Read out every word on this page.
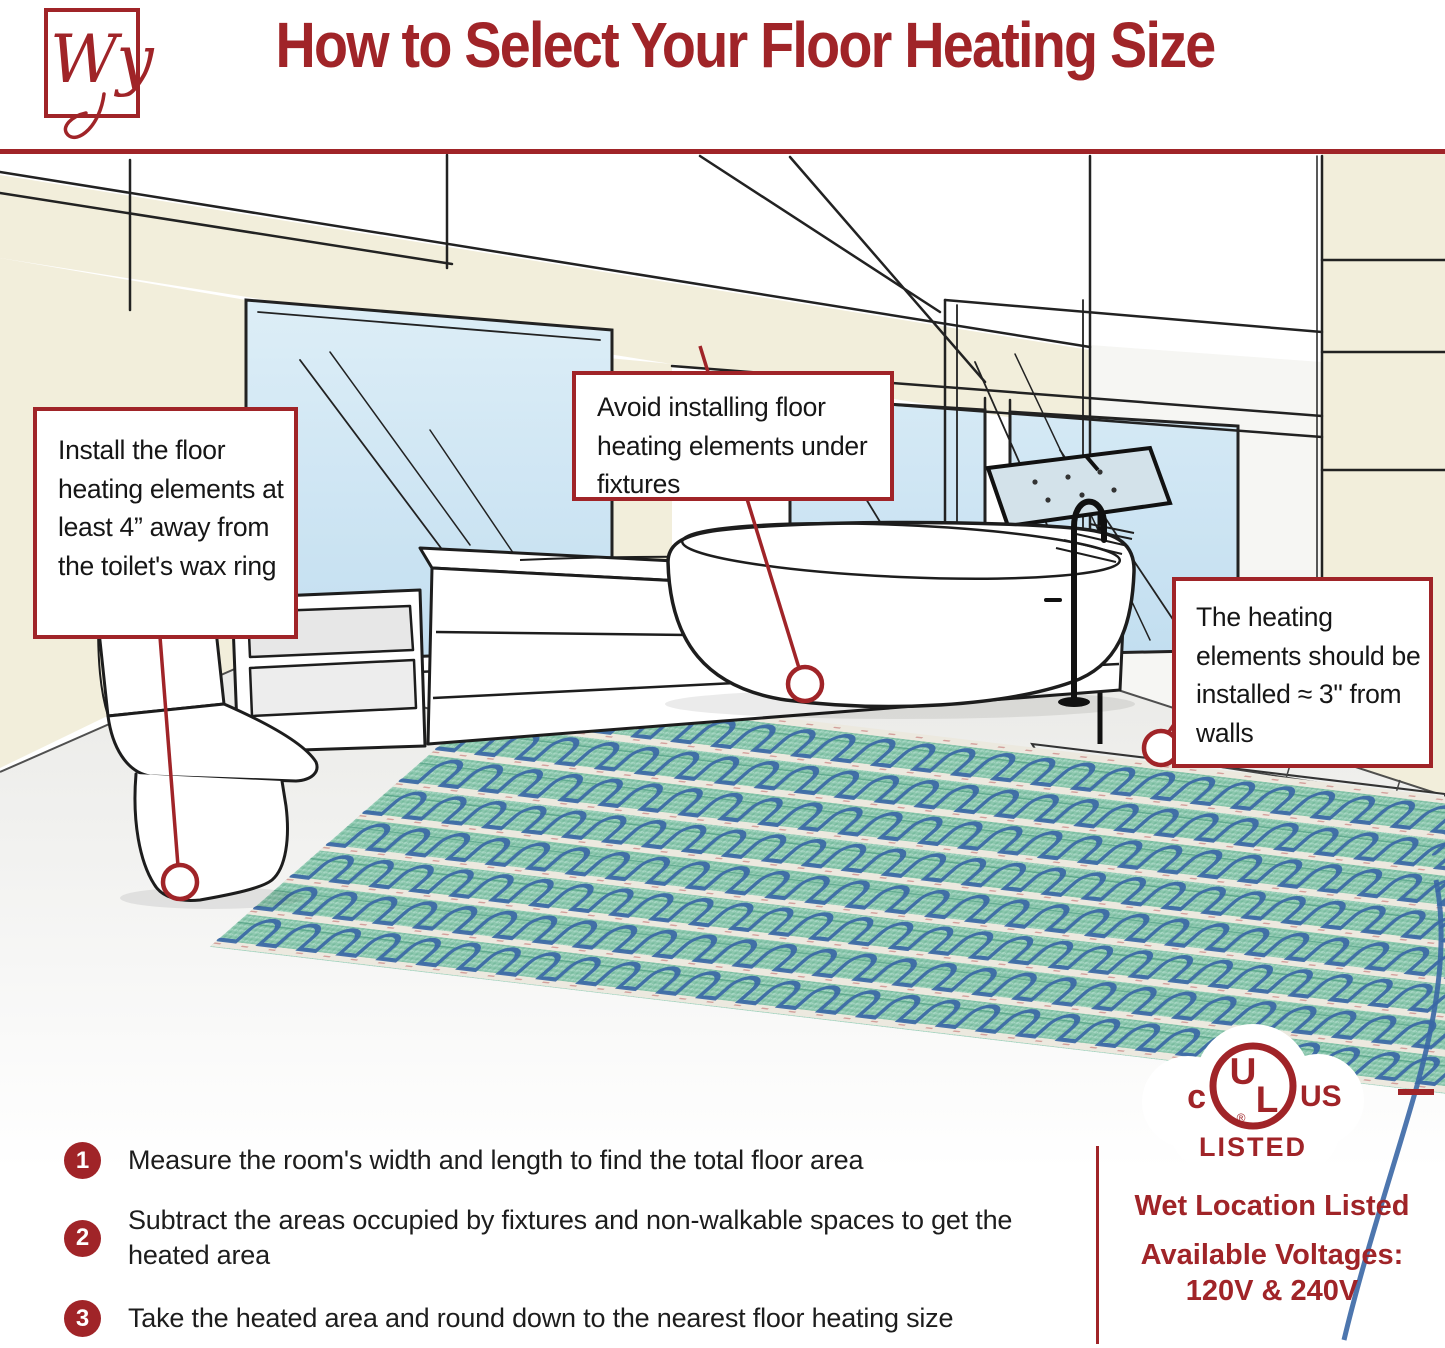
Wy	How to Select Your Floor Heating Size
U
L
®
c	US
LISTED
Install the floor heating elements at least 4” away from the toilet's wax ring
Avoid installing floor heating elements under fixtures
The heating elements should be installed ≈ 3" from walls
1	Measure the room's width and length to find the total floor area
2
Subtract the areas occupied by fixtures and non-walkable spaces to get the heated area
3	Take the heated area and round down to the nearest floor heating size
Wet Location Listed
Available Voltages:
120V & 240V
